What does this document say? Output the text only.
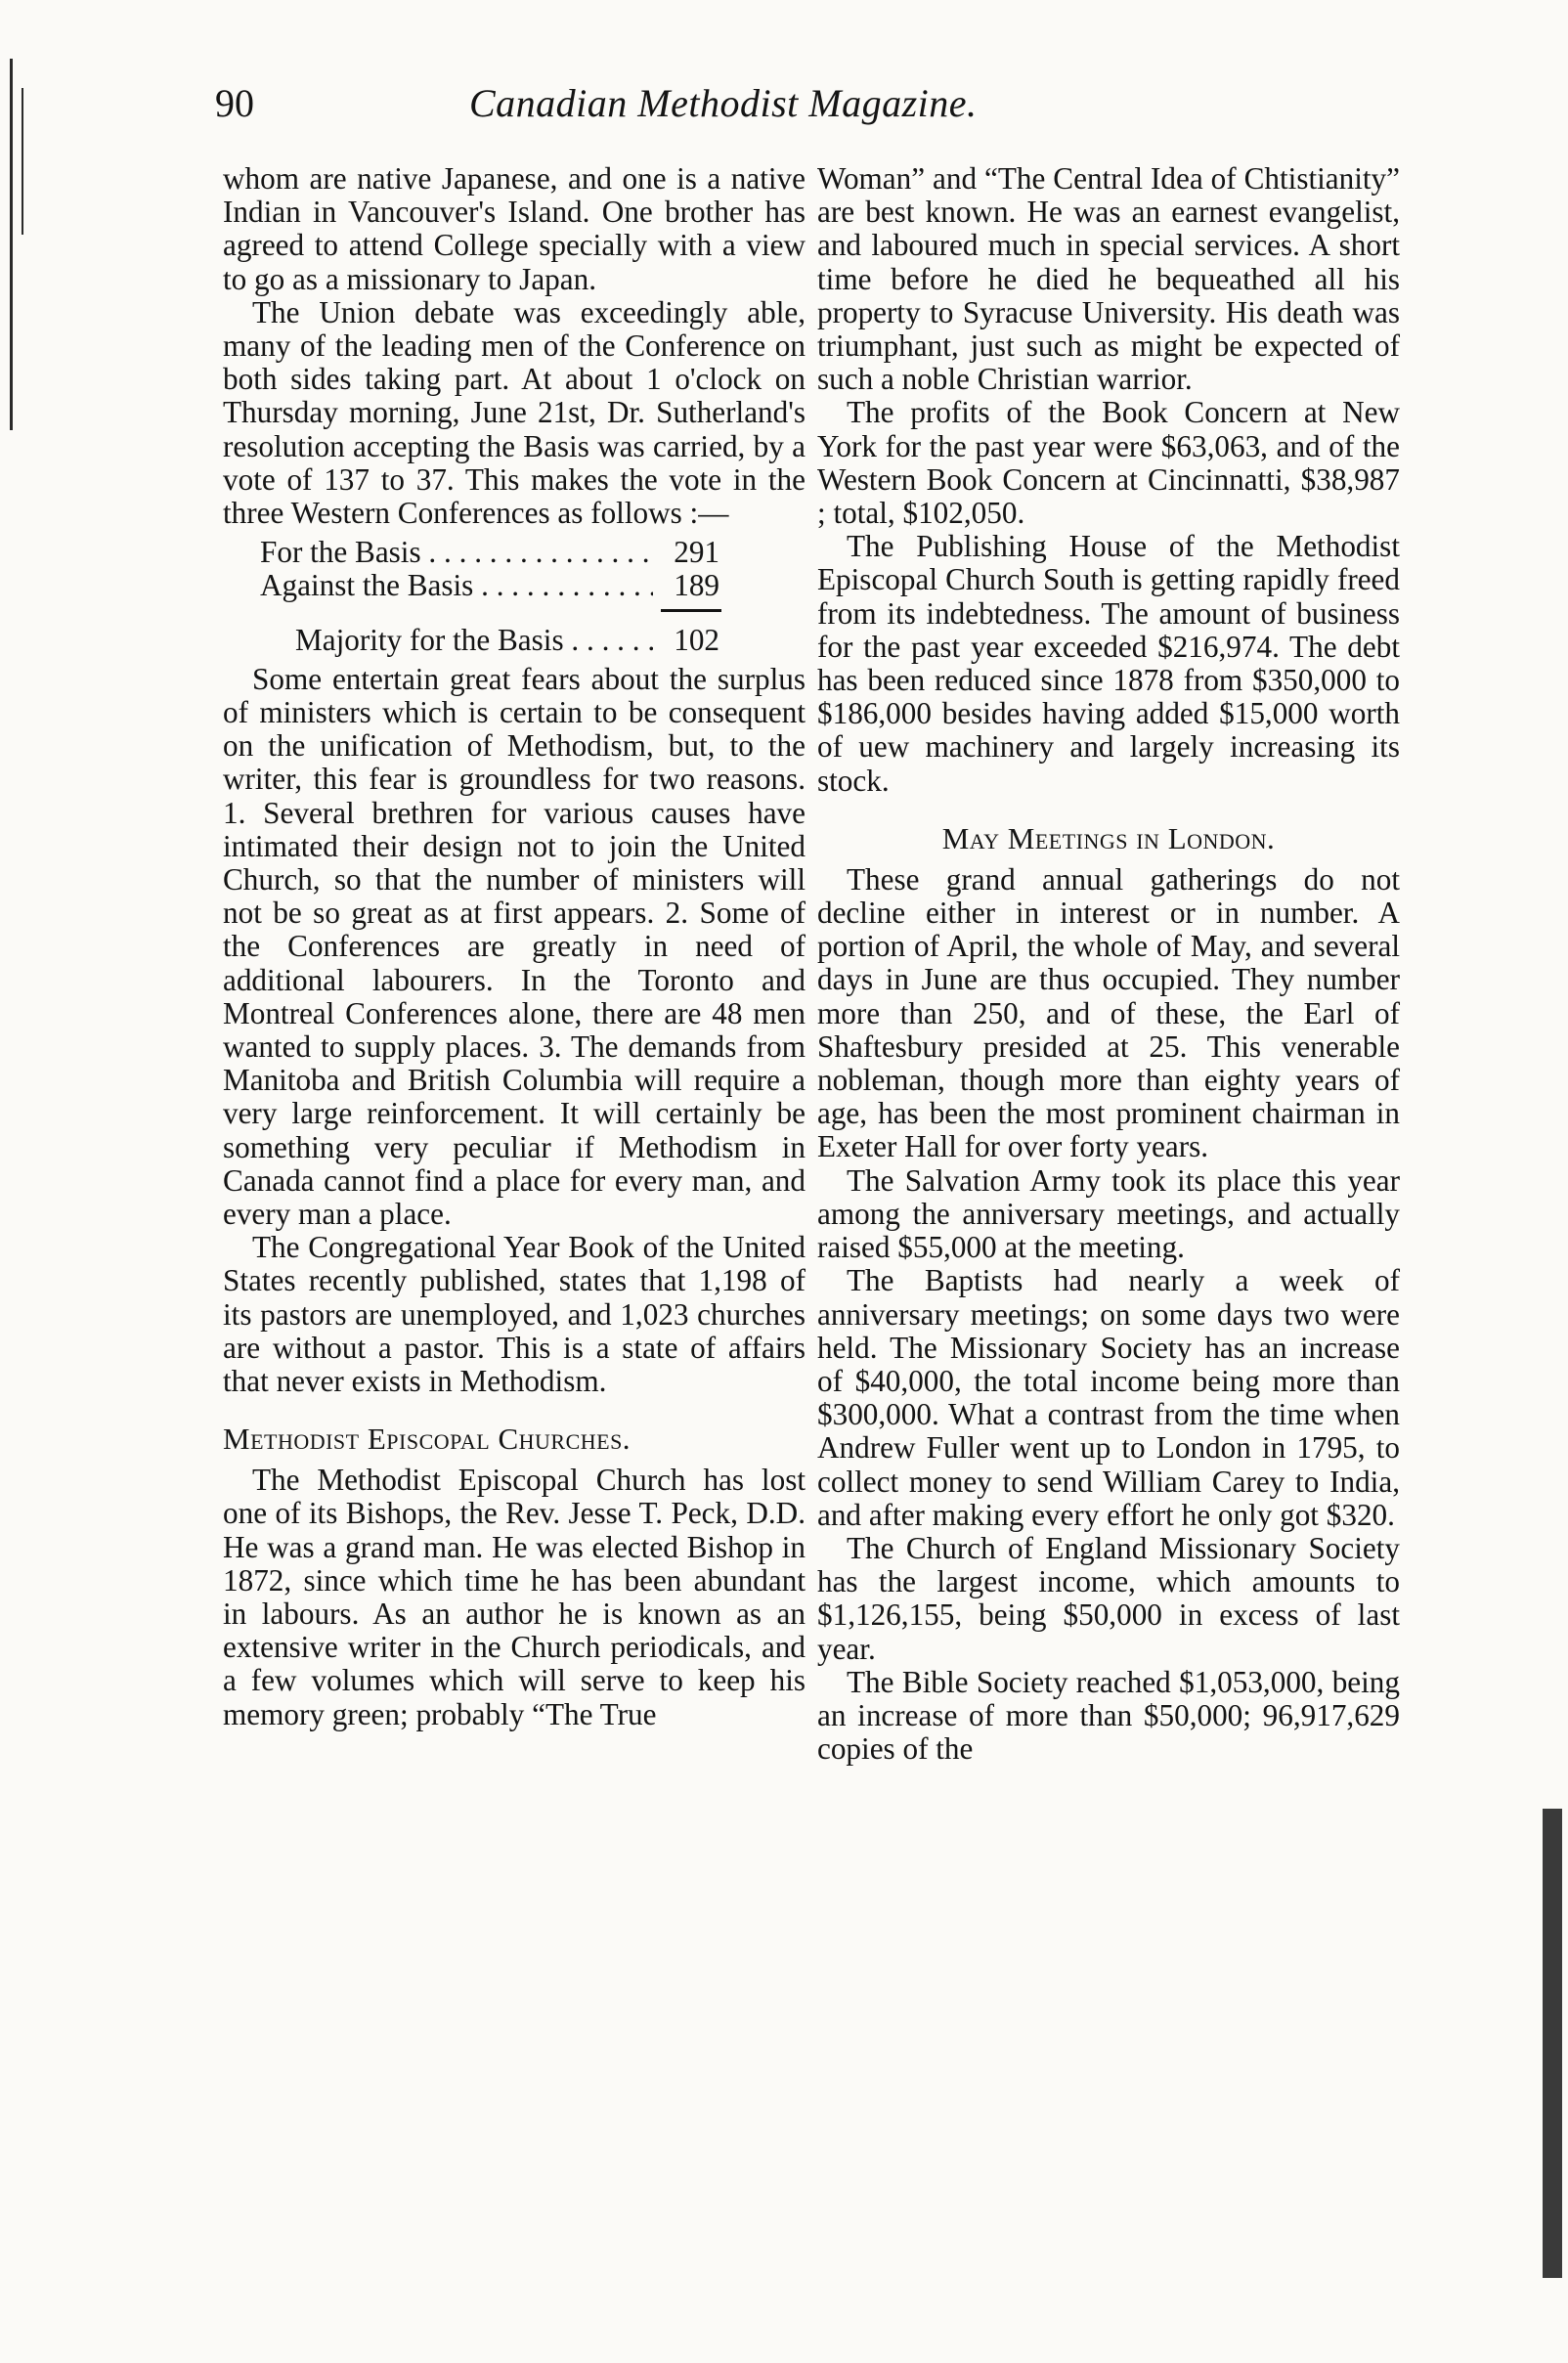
90	Canadian Methodist Magazine.

whom are native Japanese, and one is a native Indian in Vancouver's Island. One brother has agreed to attend College specially with a view to go as a missionary to Japan.

The Union debate was exceedingly able, many of the leading men of the Conference on both sides taking part. At about 1 o'clock on Thursday morning, June 21st, Dr. Sutherland's resolution accepting the Basis was carried, by a vote of 137 to 37. This makes the vote in the three Western Conferences as follows :—

For the Basis . . .	291
Against the Basis . . .	189
Majority for the Basis . . .	102

Some entertain great fears about the surplus of ministers which is certain to be consequent on the unification of Methodism, but, to the writer, this fear is groundless for two reasons. 1. Several brethren for various causes have intimated their design not to join the United Church, so that the number of ministers will not be so great as at first appears. 2. Some of the Conferences are greatly in need of additional labourers. In the Toronto and Montreal Conferences alone, there are 48 men wanted to supply places. 3. The demands from Manitoba and British Columbia will require a very large reinforcement. It will certainly be something very peculiar if Methodism in Canada cannot find a place for every man, and every man a place.

The Congregational Year Book of the United States recently published, states that 1,198 of its pastors are unemployed, and 1,023 churches are without a pastor. This is a state of affairs that never exists in Methodism.

Methodist Episcopal Churches.

The Methodist Episcopal Church has lost one of its Bishops, the Rev. Jesse T. Peck, D.D. He was a grand man. He was elected Bishop in 1872, since which time he has been abundant in labours. As an author he is known as an extensive writer in the Church periodicals, and a few volumes which will serve to keep his memory green; probably “The True

Woman” and “The Central Idea of Chtistianity” are best known. He was an earnest evangelist, and laboured much in special services. A short time before he died he bequeathed all his property to Syracuse University. His death was triumphant, just such as might be expected of such a noble Christian warrior.

The profits of the Book Concern at New York for the past year were $63,063, and of the Western Book Concern at Cincinnatti, $38,987 ; total, $102,050.

The Publishing House of the Methodist Episcopal Church South is getting rapidly freed from its indebtedness. The amount of business for the past year exceeded $216,974. The debt has been reduced since 1878 from $350,000 to $186,000 besides having added $15,000 worth of uew machinery and largely increasing its stock.

May Meetings in London.

These grand annual gatherings do not decline either in interest or in number. A portion of April, the whole of May, and several days in June are thus occupied. They number more than 250, and of these, the Earl of Shaftesbury presided at 25. This venerable nobleman, though more than eighty years of age, has been the most prominent chairman in Exeter Hall for over forty years.

The Salvation Army took its place this year among the anniversary meetings, and actually raised $55,000 at the meeting.

The Baptists had nearly a week of anniversary meetings; on some days two were held. The Missionary Society has an increase of $40,000, the total income being more than $300,000. What a contrast from the time when Andrew Fuller went up to London in 1795, to collect money to send William Carey to India, and after making every effort he only got $320.

The Church of England Missionary Society has the largest income, which amounts to $1,126,155, being $50,000 in excess of last year.

The Bible Society reached $1,053,000, being an increase of more than $50,000; 96,917,629 copies of the
